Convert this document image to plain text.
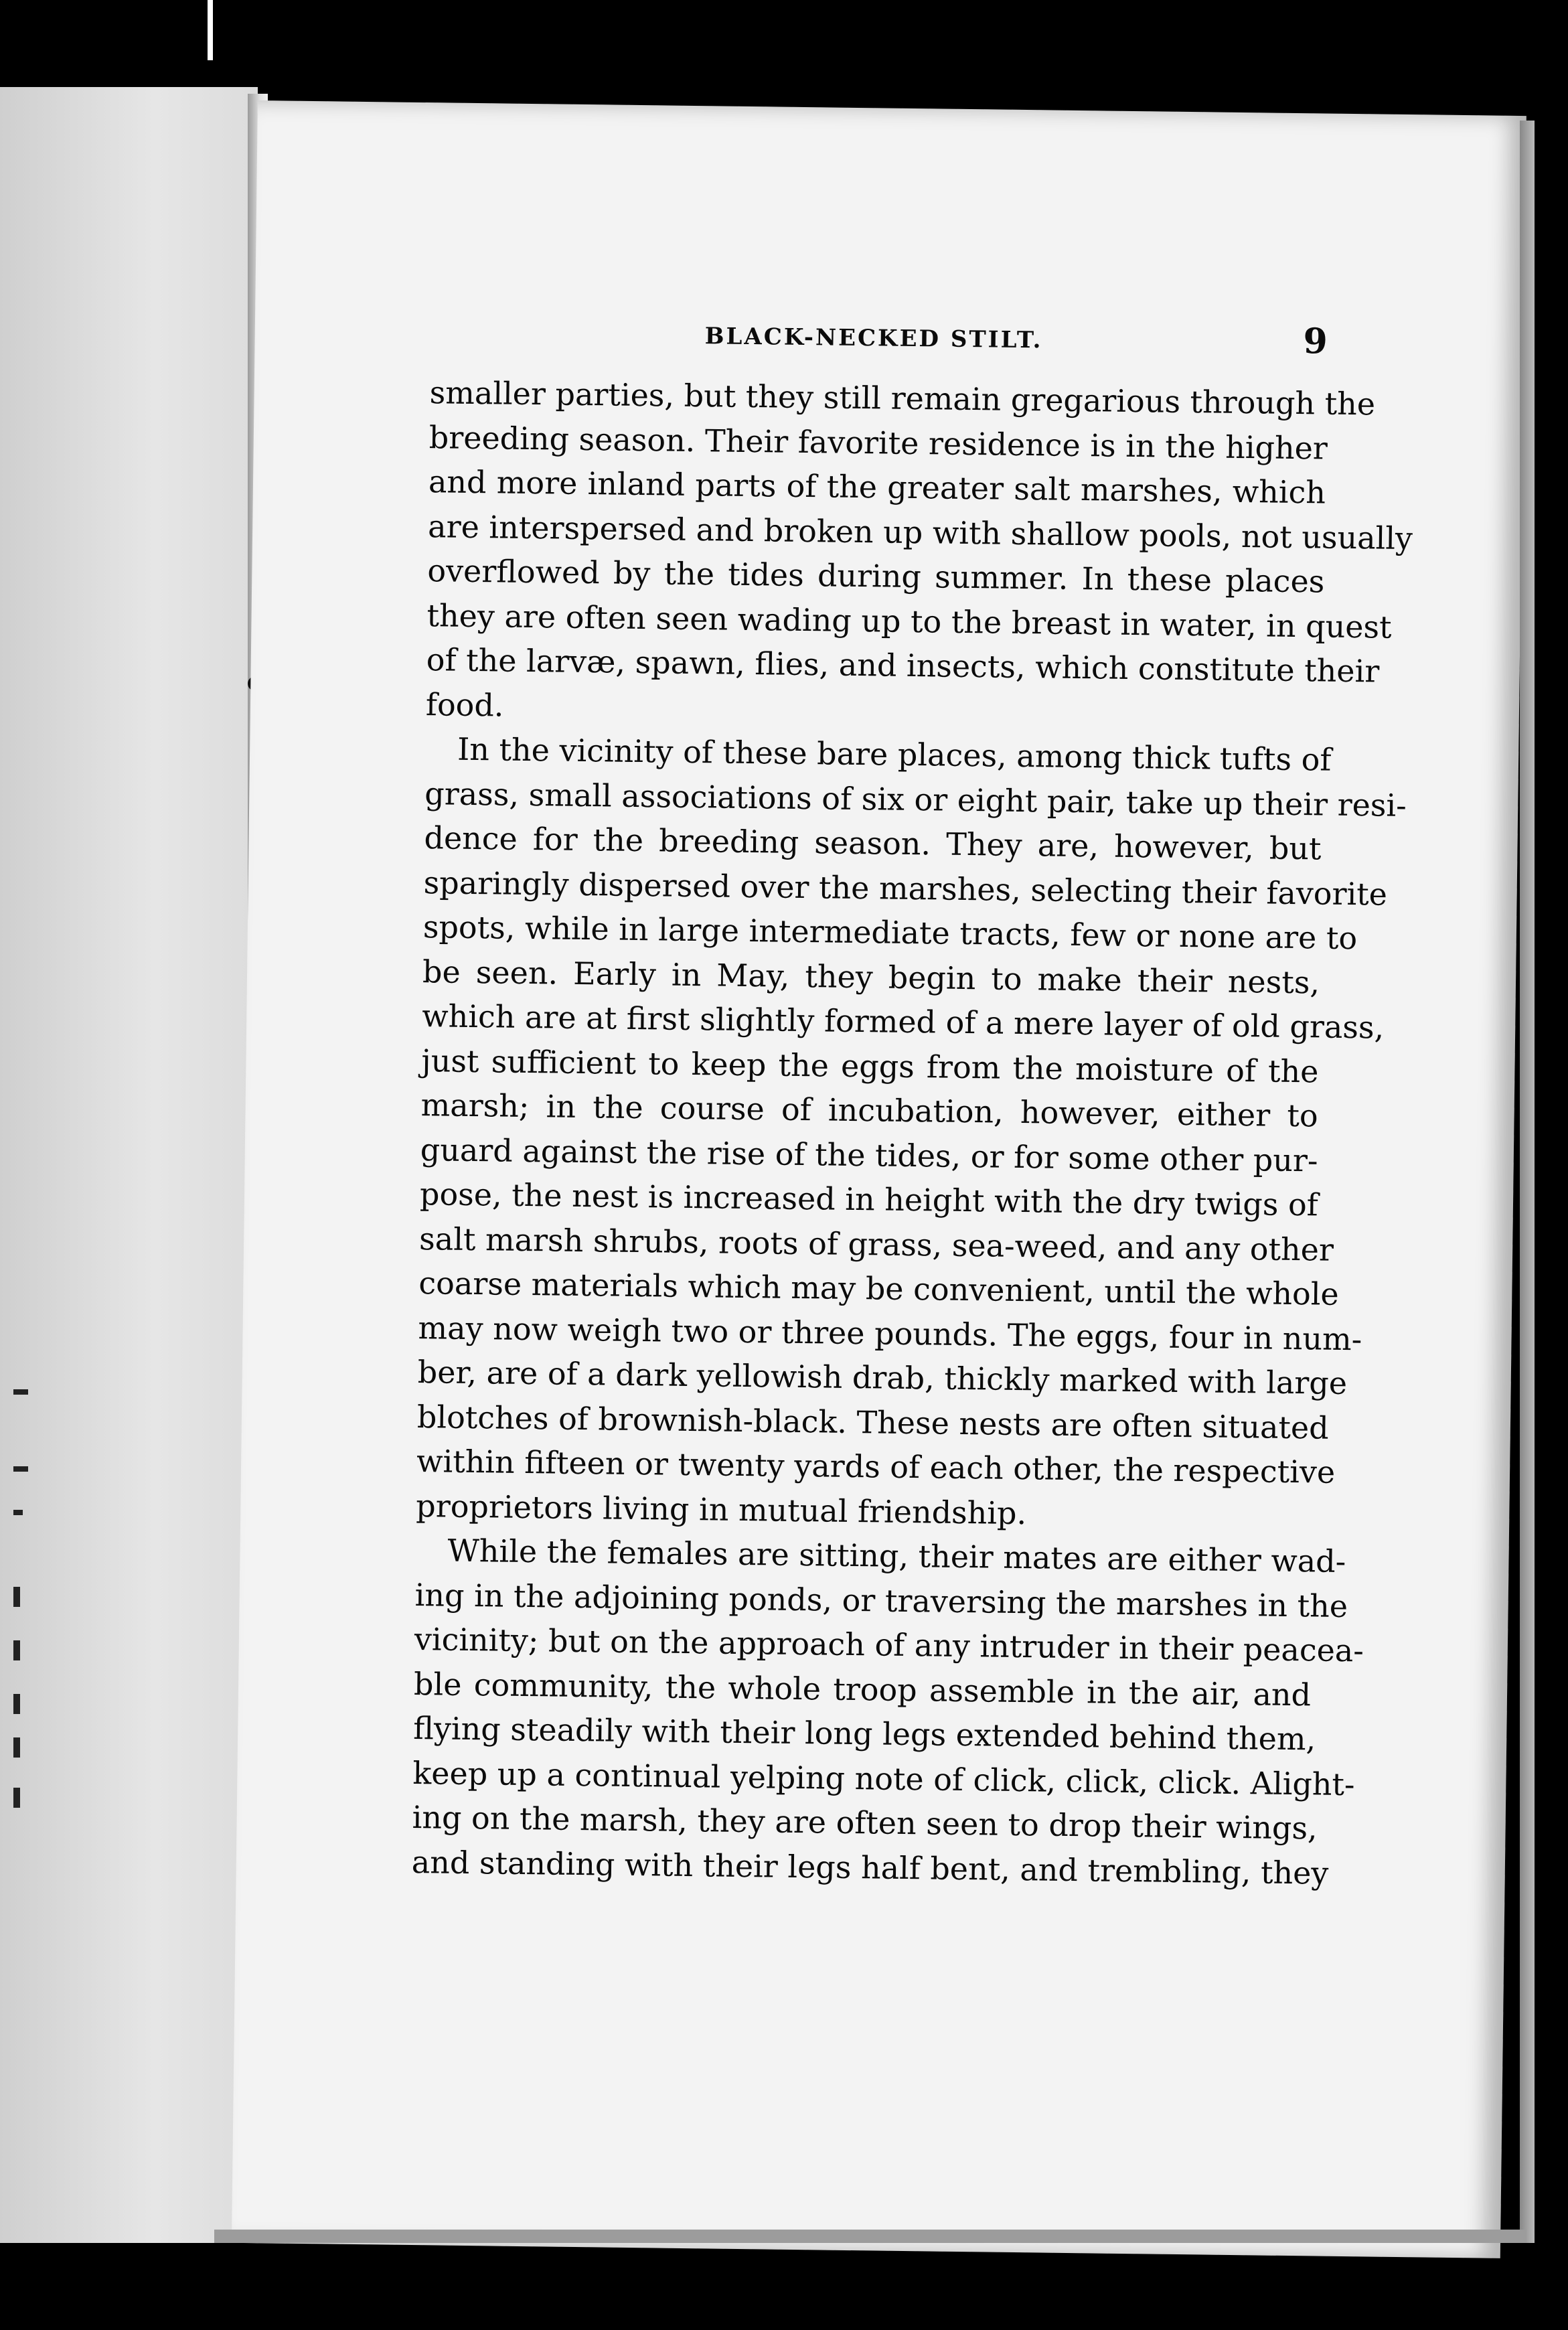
BLACK-NECKED STILT.	9
smaller parties, but they still remain gregarious through the
breeding season. Their favorite residence is in the higher
and more inland parts of the greater salt marshes, which
are interspersed and broken up with shallow pools, not usually
overflowed by the tides during summer. In these places
they are often seen wading up to the breast in water, in quest
of the larvæ, spawn, flies, and insects, which constitute their
food.
In the vicinity of these bare places, among thick tufts of
grass, small associations of six or eight pair, take up their resi-
dence for the breeding season. They are, however, but
sparingly dispersed over the marshes, selecting their favorite
spots, while in large intermediate tracts, few or none are to
be seen. Early in May, they begin to make their nests,
which are at first slightly formed of a mere layer of old grass,
just sufficient to keep the eggs from the moisture of the
marsh; in the course of incubation, however, either to
guard against the rise of the tides, or for some other pur-
pose, the nest is increased in height with the dry twigs of
salt marsh shrubs, roots of grass, sea-weed, and any other
coarse materials which may be convenient, until the whole
may now weigh two or three pounds. The eggs, four in num-
ber, are of a dark yellowish drab, thickly marked with large
blotches of brownish-black. These nests are often situated
within fifteen or twenty yards of each other, the respective
proprietors living in mutual friendship.
While the females are sitting, their mates are either wad-
ing in the adjoining ponds, or traversing the marshes in the
vicinity; but on the approach of any intruder in their peacea-
ble community, the whole troop assemble in the air, and
flying steadily with their long legs extended behind them,
keep up a continual yelping note of click, click, click. Alight-
ing on the marsh, they are often seen to drop their wings,
and standing with their legs half bent, and trembling, they
